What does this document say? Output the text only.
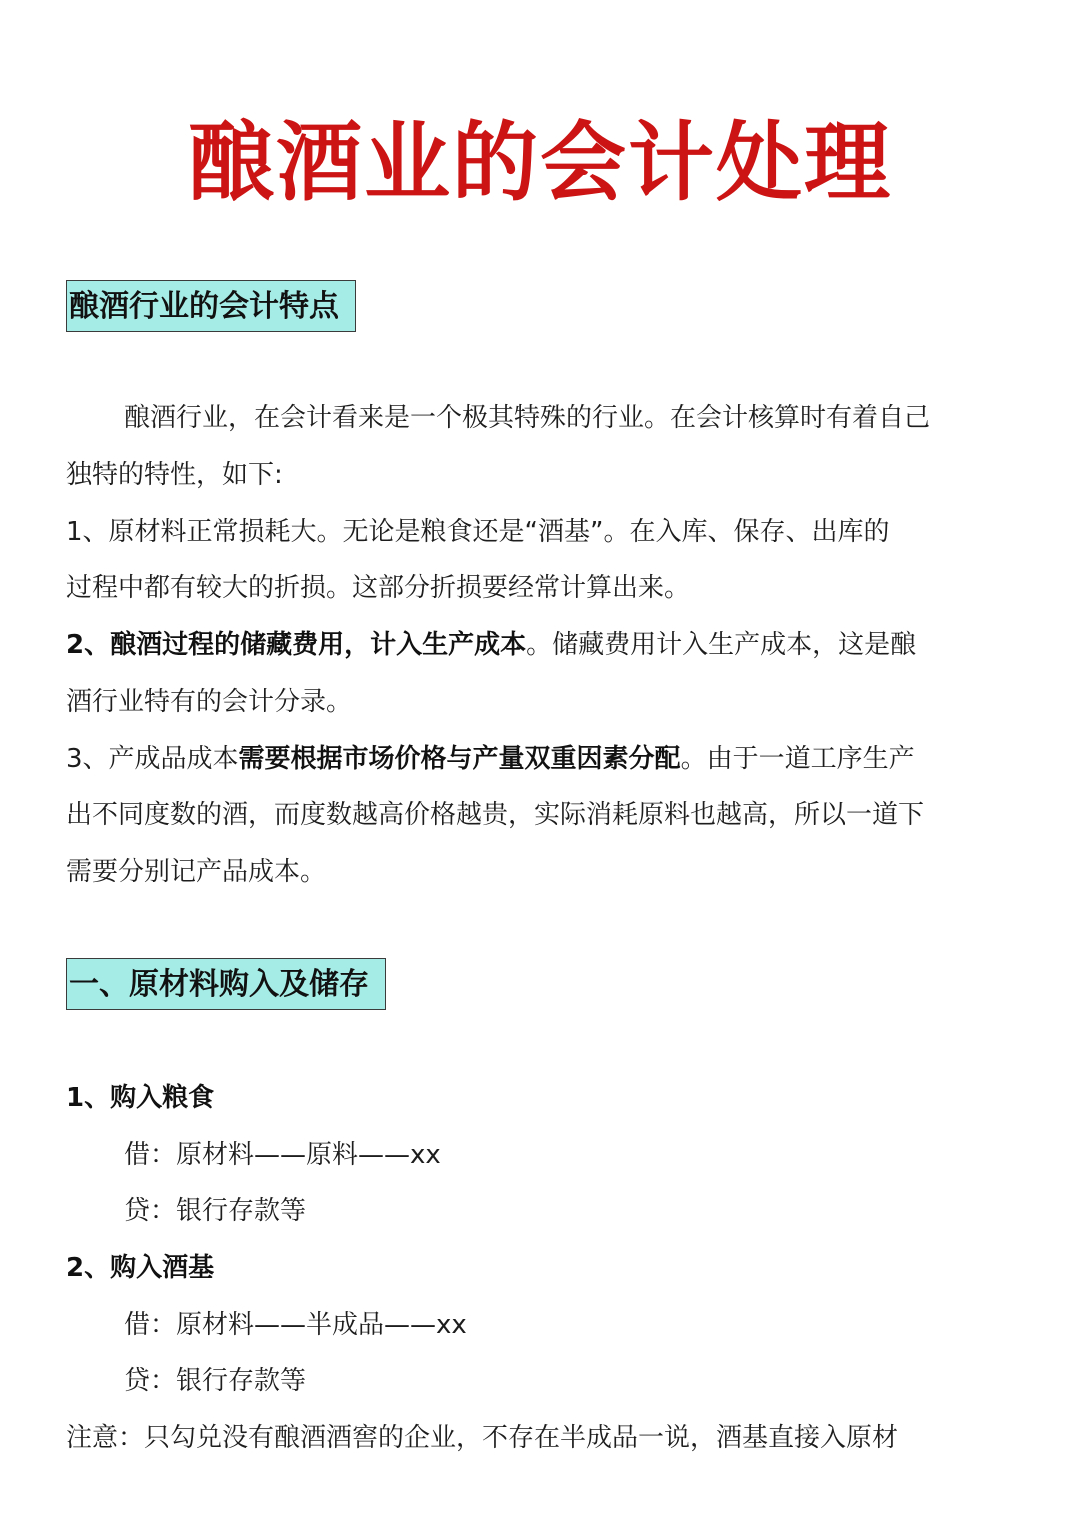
酿酒业的会计处理
酿酒行业的会计特点
酿酒行业，在会计看来是一个极其特殊的行业。在会计核算时有着自己
独特的特性，如下:
1、原材料正常损耗大。无论是粮食还是“酒基”。在入库、保存、出库的
过程中都有较大的折损。这部分折损要经常计算出来。
2、酿酒过程的储藏费用，计入生产成本。储藏费用计入生产成本，这是酿
酒行业特有的会计分录。
3、产成品成本需要根据市场价格与产量双重因素分配。由于一道工序生产
出不同度数的酒，而度数越高价格越贵，实际消耗原料也越高，所以一道下
需要分别记产品成本。
一、原材料购入及储存
1、购入粮食
借：原材料——原料——xx
贷：银行存款等
2、购入酒基
借：原材料——半成品——xx
贷：银行存款等
注意：只勾兑没有酿酒酒窖的企业，不存在半成品一说，酒基直接入原材
